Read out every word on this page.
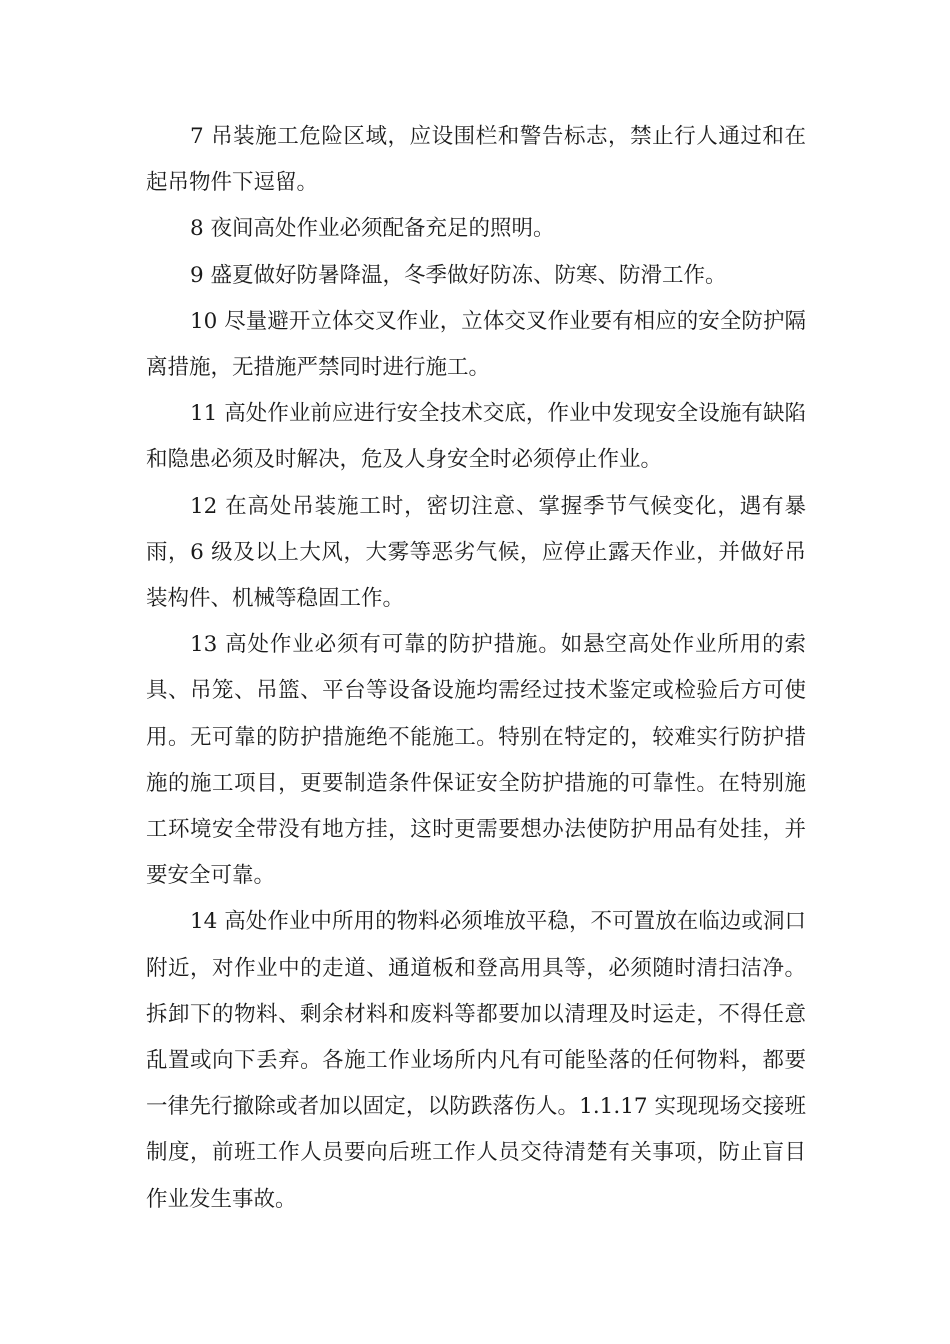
7 吊装施工危险区域，应设围栏和警告标志，禁止行人通过和在起吊物件下逗留。

8 夜间高处作业必须配备充足的照明。

9 盛夏做好防暑降温，冬季做好防冻、防寒、防滑工作。

10 尽量避开立体交叉作业，立体交叉作业要有相应的安全防护隔离措施，无措施严禁同时进行施工。

11 高处作业前应进行安全技术交底，作业中发现安全设施有缺陷和隐患必须及时解决，危及人身安全时必须停止作业。

12 在高处吊装施工时，密切注意、掌握季节气候变化，遇有暴雨，6 级及以上大风，大雾等恶劣气候，应停止露天作业，并做好吊装构件、机械等稳固工作。

13 高处作业必须有可靠的防护措施。如悬空高处作业所用的索具、吊笼、吊篮、平台等设备设施均需经过技术鉴定或检验后方可使用。无可靠的防护措施绝不能施工。特别在特定的，较难实行防护措施的施工项目，更要制造条件保证安全防护措施的可靠性。在特别施工环境安全带没有地方挂，这时更需要想办法使防护用品有处挂，并要安全可靠。

14 高处作业中所用的物料必须堆放平稳，不可置放在临边或洞口附近，对作业中的走道、通道板和登高用具等，必须随时清扫洁净。拆卸下的物料、剩余材料和废料等都要加以清理及时运走，不得任意乱置或向下丢弃。各施工作业场所内凡有可能坠落的任何物料，都要一律先行撤除或者加以固定，以防跌落伤人。1.1.17 实现现场交接班制度，前班工作人员要向后班工作人员交待清楚有关事项，防止盲目作业发生事故。
